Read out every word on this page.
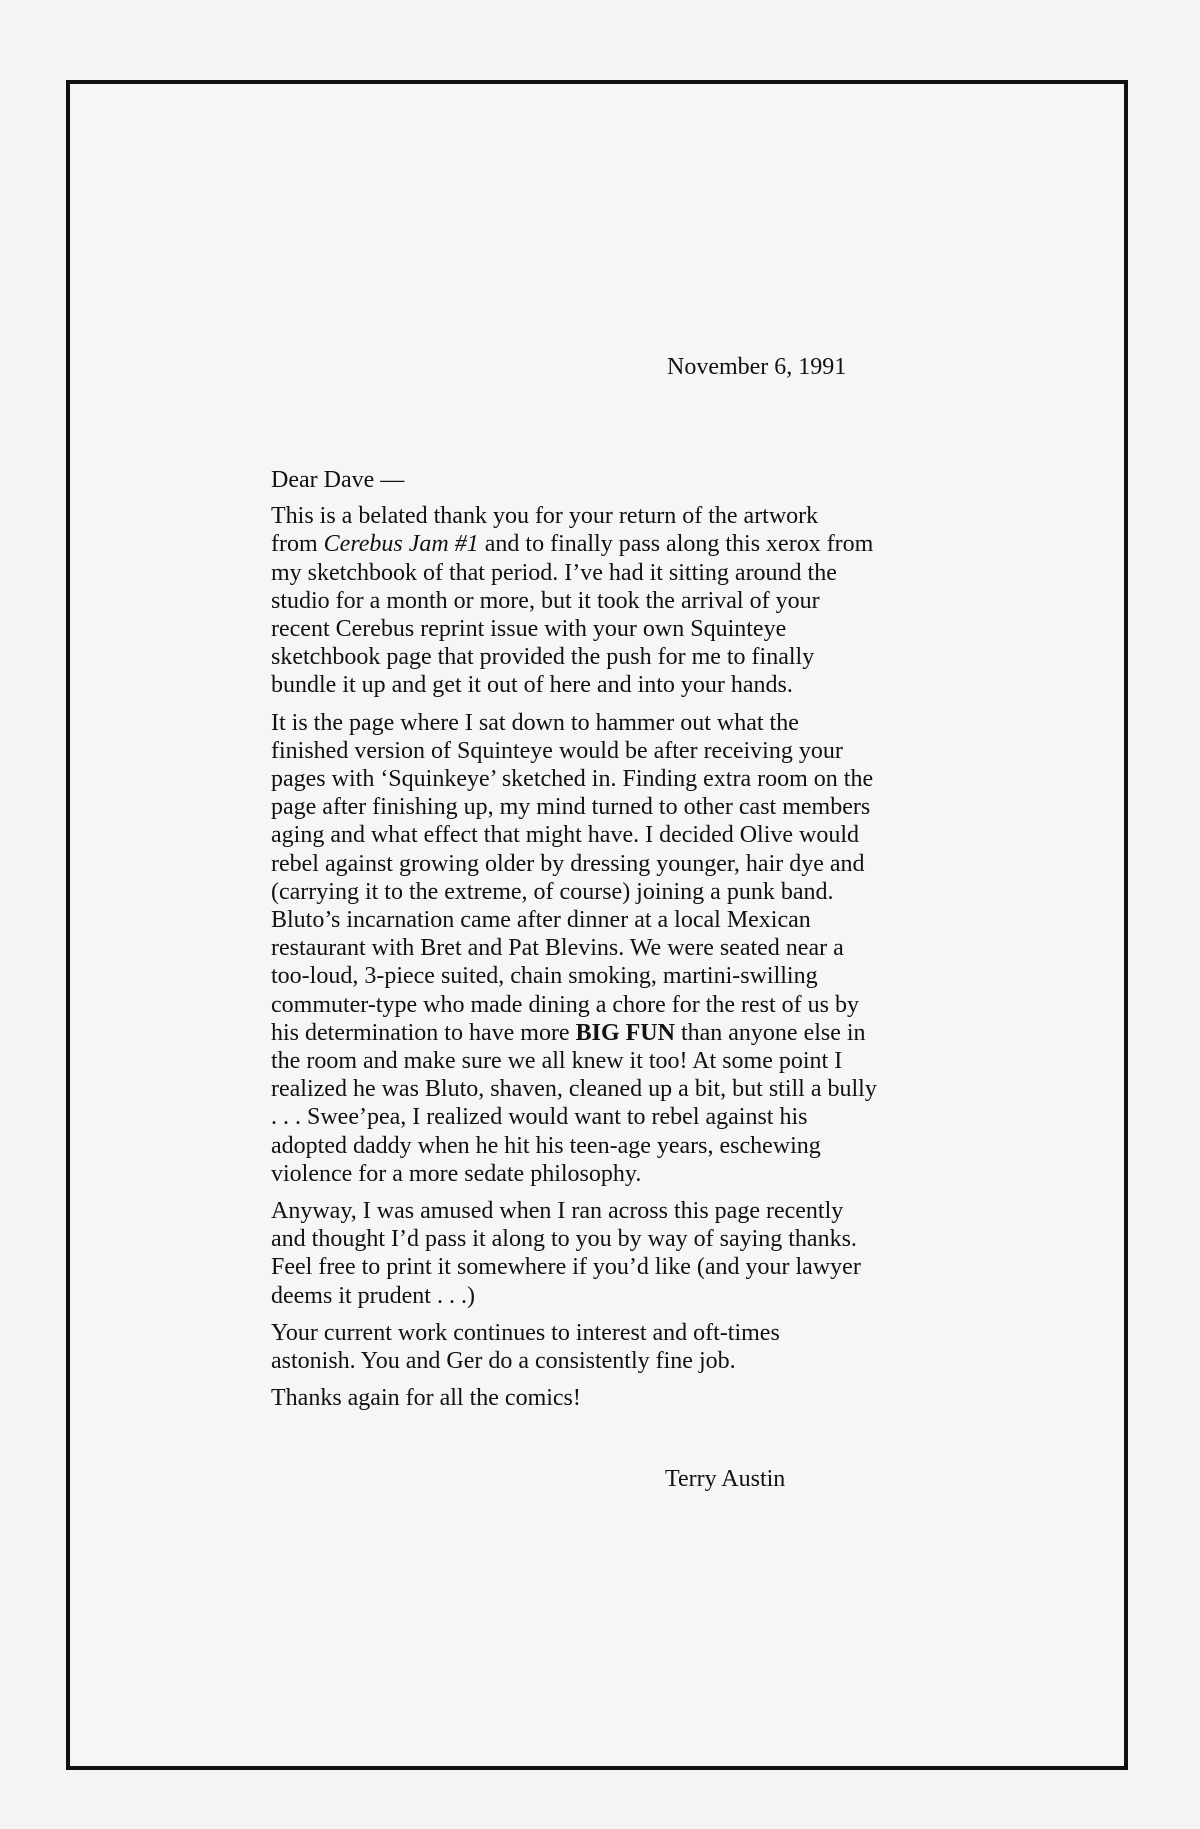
November 6, 1991
Dear Dave —
This is a belated thank you for your return of the artwork
from Cerebus Jam #1 and to finally pass along this xerox from
my sketchbook of that period. I’ve had it sitting around the
studio for a month or more, but it took the arrival of your
recent Cerebus reprint issue with your own Squinteye
sketchbook page that provided the push for me to finally
bundle it up and get it out of here and into your hands.
It is the page where I sat down to hammer out what the
finished version of Squinteye would be after receiving your
pages with ‘Squinkeye’ sketched in. Finding extra room on the
page after finishing up, my mind turned to other cast members
aging and what effect that might have. I decided Olive would
rebel against growing older by dressing younger, hair dye and
(carrying it to the extreme, of course) joining a punk band.
Bluto’s incarnation came after dinner at a local Mexican
restaurant with Bret and Pat Blevins. We were seated near a
too-loud, 3-piece suited, chain smoking, martini-swilling
commuter-type who made dining a chore for the rest of us by
his determination to have more BIG FUN than anyone else in
the room and make sure we all knew it too! At some point I
realized he was Bluto, shaven, cleaned up a bit, but still a bully
. . . Swee’pea, I realized would want to rebel against his
adopted daddy when he hit his teen-age years, eschewing
violence for a more sedate philosophy.
Anyway, I was amused when I ran across this page recently
and thought I’d pass it along to you by way of saying thanks.
Feel free to print it somewhere if you’d like (and your lawyer
deems it prudent . . .)
Your current work continues to interest and oft-times
astonish. You and Ger do a consistently fine job.
Thanks again for all the comics!
Terry Austin
